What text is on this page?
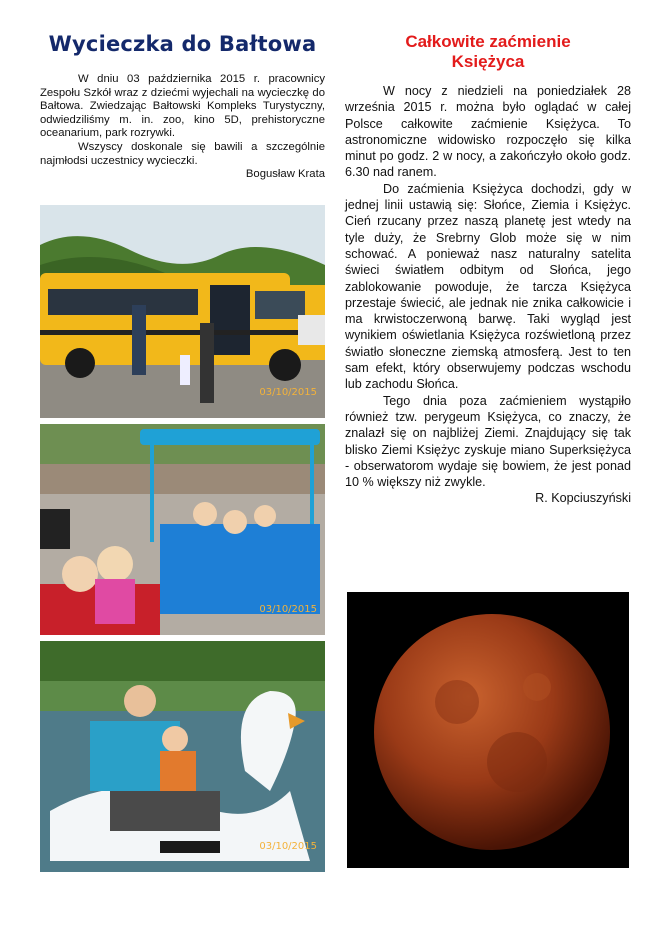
Wycieczka do Bałtowa

W dniu 03 października 2015 r. pracownicy Zespołu Szkół wraz z dziećmi wyjechali na wycieczkę do Bałtowa. Zwiedzając Bałtowski Kompleks Turystyczny, odwiedziliśmy m. in. zoo, kino 5D, prehistoryczne oceanarium, park rozrywki.

Wszyscy doskonale się bawili a szczególnie najmłodsi uczestnicy wycieczki.

Bogusław Krata
03/10/2015
03/10/2015
03/10/2015
Całkowite zaćmienie
Księżyca

W nocy z niedzieli na poniedziałek 28 września 2015 r. można było oglądać w całej Polsce całkowite zaćmienie Księżyca. To astronomiczne widowisko rozpoczęło się kilka minut po godz. 2 w nocy, a zakończyło około godz. 6.30 nad ranem.

Do zaćmienia Księżyca dochodzi, gdy w jednej linii ustawią się: Słońce, Ziemia i Księżyc. Cień rzucany przez naszą planetę jest wtedy na tyle duży, że Srebrny Glob może się w nim schować. A ponieważ nasz naturalny satelita świeci światłem odbitym od Słońca, jego zablokowanie powoduje, że tarcza Księżyca przestaje świecić, ale jednak nie znika całkowicie i ma krwistoczerwoną barwę. Taki wygląd jest wynikiem oświetlania Księżyca rozświetloną przez światło słoneczne ziemską atmosferą. Jest to ten sam efekt, który obserwujemy podczas wschodu lub zachodu Słońca.

Tego dnia poza zaćmieniem wystąpiło również tzw. perygeum Księżyca, co znaczy, że znalazł się on najbliżej Ziemi. Znajdujący się tak blisko Ziemi Księżyc zyskuje miano Superksiężyca - obserwatorom wydaje się bowiem, że jest ponad 10 % większy niż zwykle.

R. Kopciuszyński
